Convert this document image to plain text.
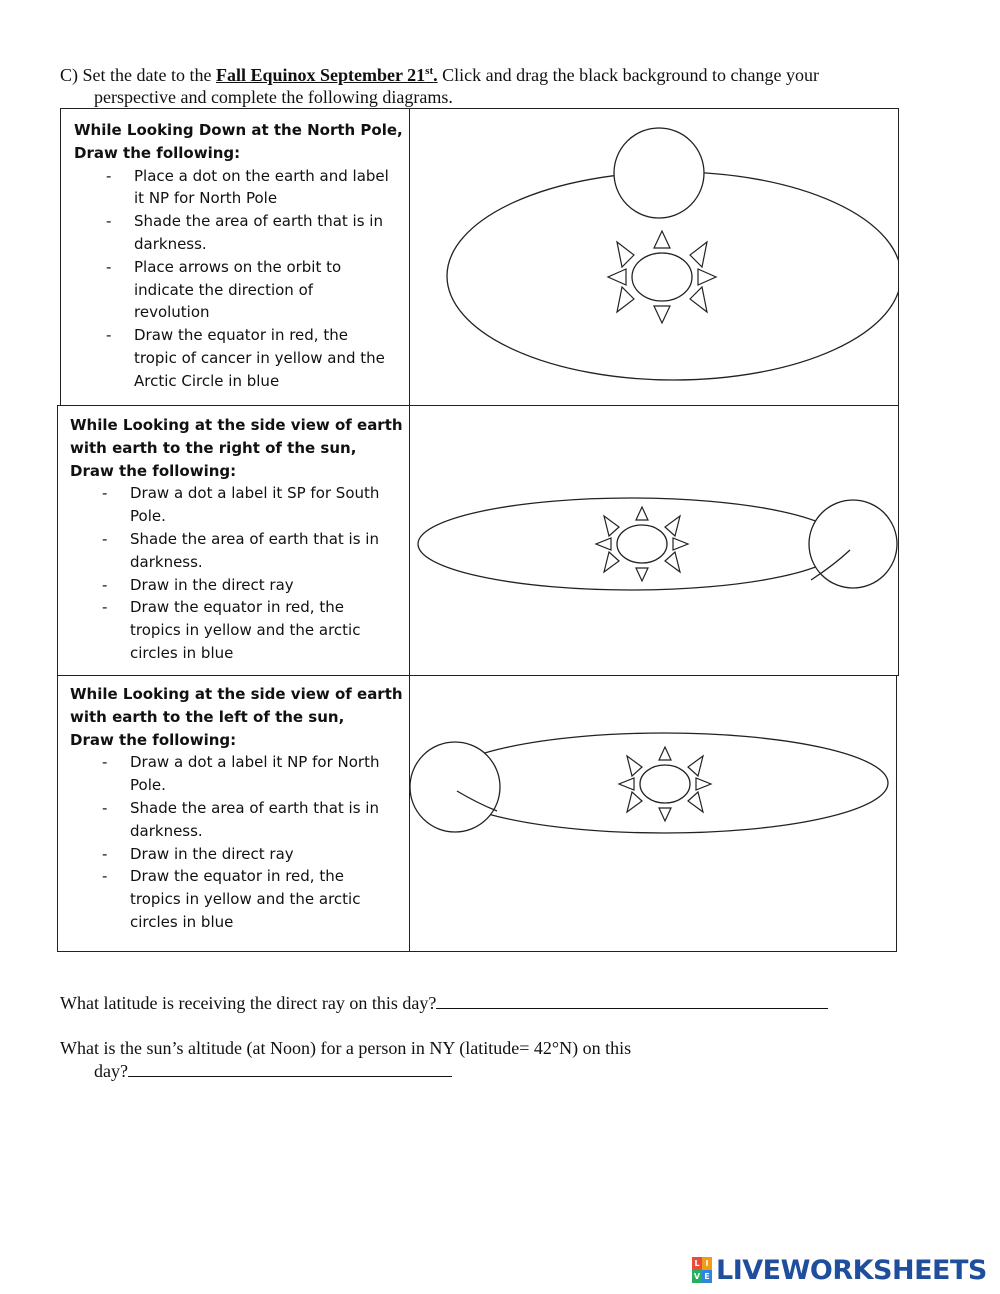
C) Set the date to the Fall Equinox September 21st. Click and drag the black background to change your
perspective and complete the following diagrams.
While Looking Down at the North Pole,
Draw the following:
- Place a dot on the earth and label
it NP for North Pole
- Shade the area of earth that is in
darkness.
- Place arrows on the orbit to
indicate the direction of
revolution
- Draw the equator in red, the
tropic of cancer in yellow and the
Arctic Circle in blue
While Looking at the side view of earth
with earth to the right of the sun,
Draw the following:
- Draw a dot a label it SP for South
Pole.
- Shade the area of earth that is in
darkness.
- Draw in the direct ray
- Draw the equator in red, the
tropics in yellow and the arctic
circles in blue
While Looking at the side view of earth
with earth to the left of the sun,
Draw the following:
- Draw a dot a label it NP for North
Pole.
- Shade the area of earth that is in
darkness.
- Draw in the direct ray
- Draw the equator in red, the
tropics in yellow and the arctic
circles in blue
What latitude is receiving the direct ray on this day?
What is the sun’s altitude (at Noon) for a person in NY (latitude= 42°N) on this
day?
L I
V E LIVEWORKSHEETS
